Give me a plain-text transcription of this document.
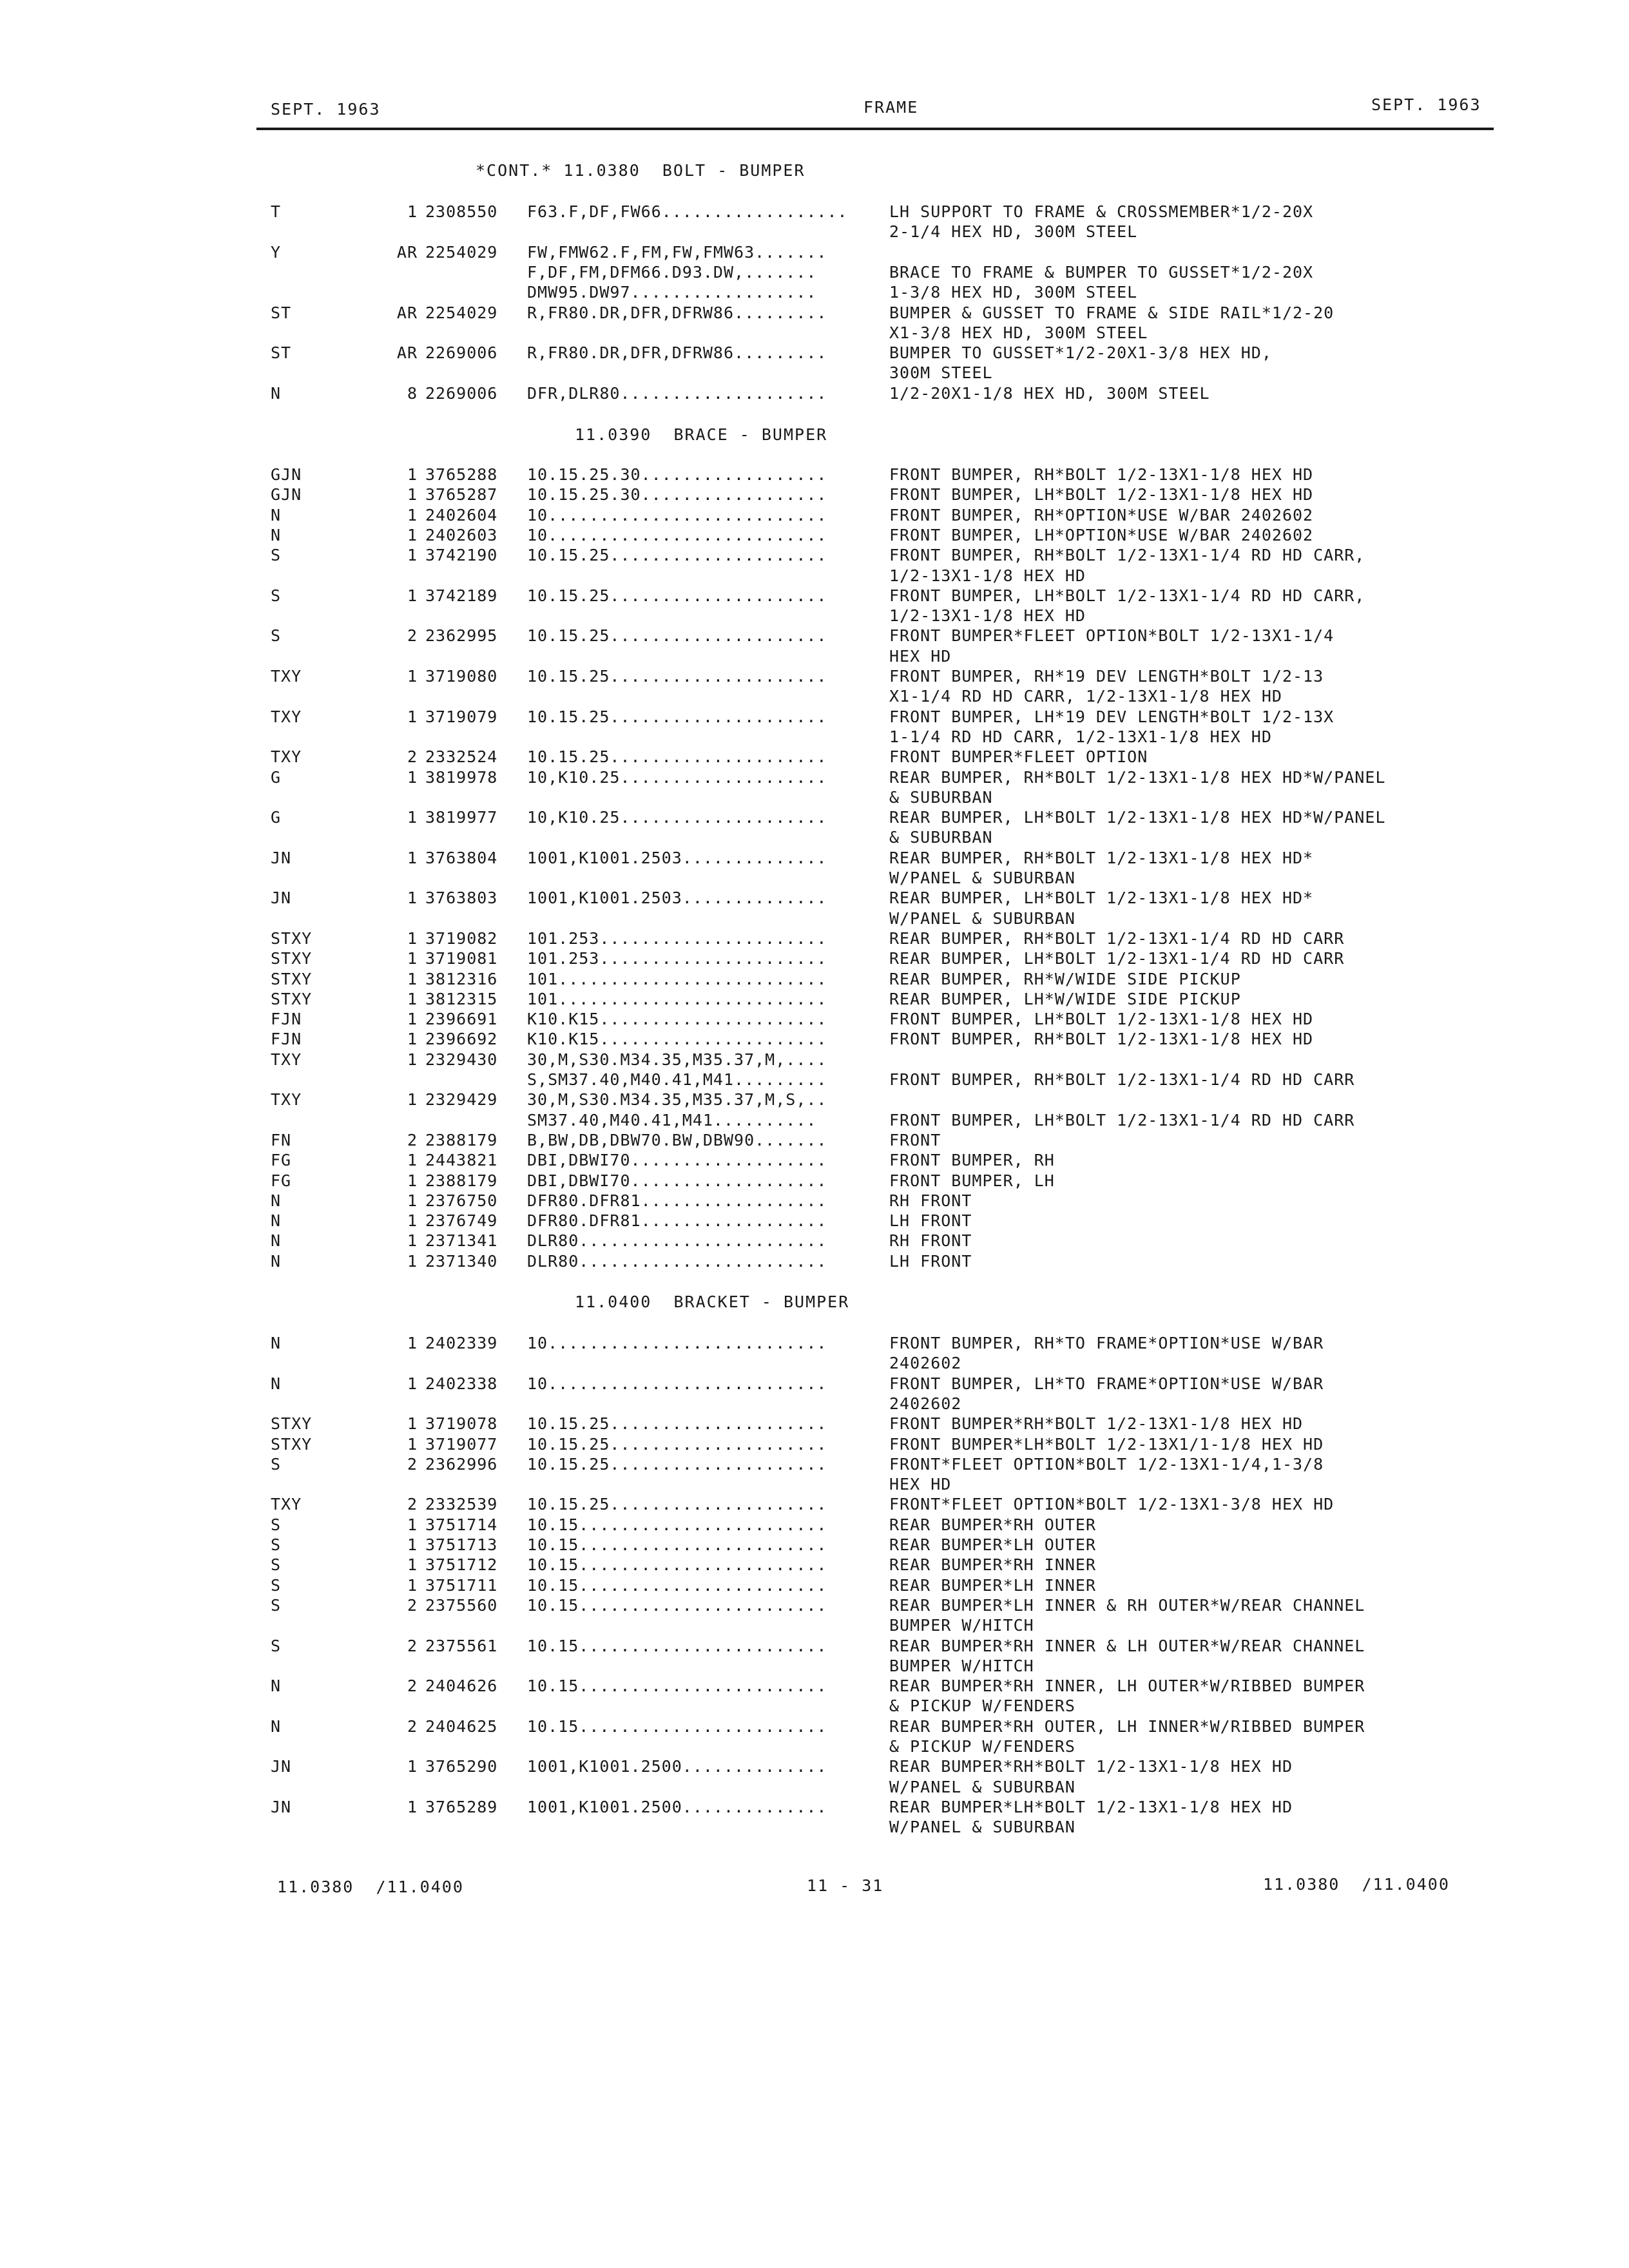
SEPT. 1963	FRAME	SEPT. 1963
*CONT.* 11.0380  BOLT - BUMPER
T	1 2308550 F63.F,DF,FW66..................	LH SUPPORT TO FRAME & CROSSMEMBER*1/2-20X
2-1/4 HEX HD, 300M STEEL
Y	AR 2254029 FW,FMW62.F,FM,FW,FMW63.......
F,DF,FM,DFM66.D93.DW,.......	BRACE TO FRAME & BUMPER TO GUSSET*1/2-20X
DMW95.DW97..................	1-3/8 HEX HD, 300M STEEL
ST	AR 2254029 R,FR80.DR,DFR,DFRW86.........	BUMPER & GUSSET TO FRAME & SIDE RAIL*1/2-20
X1-3/8 HEX HD, 300M STEEL
ST	AR 2269006 R,FR80.DR,DFR,DFRW86.........	BUMPER TO GUSSET*1/2-20X1-3/8 HEX HD,
300M STEEL
N	8 2269006 DFR,DLR80....................	1/2-20X1-1/8 HEX HD, 300M STEEL
11.0390  BRACE - BUMPER
GJN	1 3765288 10.15.25.30..................	FRONT BUMPER, RH*BOLT 1/2-13X1-1/8 HEX HD
GJN	1 3765287 10.15.25.30..................	FRONT BUMPER, LH*BOLT 1/2-13X1-1/8 HEX HD
N	1 2402604 10...........................	FRONT BUMPER, RH*OPTION*USE W/BAR 2402602
N	1 2402603 10...........................	FRONT BUMPER, LH*OPTION*USE W/BAR 2402602
S	1 3742190 10.15.25.....................	FRONT BUMPER, RH*BOLT 1/2-13X1-1/4 RD HD CARR,
1/2-13X1-1/8 HEX HD
S	1 3742189 10.15.25.....................	FRONT BUMPER, LH*BOLT 1/2-13X1-1/4 RD HD CARR,
1/2-13X1-1/8 HEX HD
S	2 2362995 10.15.25.....................	FRONT BUMPER*FLEET OPTION*BOLT 1/2-13X1-1/4
HEX HD
TXY	1 3719080 10.15.25.....................	FRONT BUMPER, RH*19 DEV LENGTH*BOLT 1/2-13
X1-1/4 RD HD CARR, 1/2-13X1-1/8 HEX HD
TXY	1 3719079 10.15.25.....................	FRONT BUMPER, LH*19 DEV LENGTH*BOLT 1/2-13X
1-1/4 RD HD CARR, 1/2-13X1-1/8 HEX HD
TXY	2 2332524 10.15.25.....................	FRONT BUMPER*FLEET OPTION
G	1 3819978 10,K10.25....................	REAR BUMPER, RH*BOLT 1/2-13X1-1/8 HEX HD*W/PANEL
& SUBURBAN
G	1 3819977 10,K10.25....................	REAR BUMPER, LH*BOLT 1/2-13X1-1/8 HEX HD*W/PANEL
& SUBURBAN
JN	1 3763804 1001,K1001.2503..............	REAR BUMPER, RH*BOLT 1/2-13X1-1/8 HEX HD*
W/PANEL & SUBURBAN
JN	1 3763803 1001,K1001.2503..............	REAR BUMPER, LH*BOLT 1/2-13X1-1/8 HEX HD*
W/PANEL & SUBURBAN
STXY	1 3719082 101.253......................	REAR BUMPER, RH*BOLT 1/2-13X1-1/4 RD HD CARR
STXY	1 3719081 101.253......................	REAR BUMPER, LH*BOLT 1/2-13X1-1/4 RD HD CARR
STXY	1 3812316 101..........................	REAR BUMPER, RH*W/WIDE SIDE PICKUP
STXY	1 3812315 101..........................	REAR BUMPER, LH*W/WIDE SIDE PICKUP
FJN	1 2396691 K10.K15......................	FRONT BUMPER, LH*BOLT 1/2-13X1-1/8 HEX HD
FJN	1 2396692 K10.K15......................	FRONT BUMPER, RH*BOLT 1/2-13X1-1/8 HEX HD
TXY	1 2329430 30,M,S30.M34.35,M35.37,M,....
S,SM37.40,M40.41,M41.........	FRONT BUMPER, RH*BOLT 1/2-13X1-1/4 RD HD CARR
TXY	1 2329429 30,M,S30.M34.35,M35.37,M,S,..
SM37.40,M40.41,M41..........	FRONT BUMPER, LH*BOLT 1/2-13X1-1/4 RD HD CARR
FN	2 2388179 B,BW,DB,DBW70.BW,DBW90.......	FRONT
FG	1 2443821 DBI,DBWI70...................	FRONT BUMPER, RH
FG	1 2388179 DBI,DBWI70...................	FRONT BUMPER, LH
N	1 2376750 DFR80.DFR81..................	RH FRONT
N	1 2376749 DFR80.DFR81..................	LH FRONT
N	1 2371341 DLR80........................	RH FRONT
N	1 2371340 DLR80........................	LH FRONT
11.0400  BRACKET - BUMPER
N	1 2402339 10...........................	FRONT BUMPER, RH*TO FRAME*OPTION*USE W/BAR
2402602
N	1 2402338 10...........................	FRONT BUMPER, LH*TO FRAME*OPTION*USE W/BAR
2402602
STXY	1 3719078 10.15.25.....................	FRONT BUMPER*RH*BOLT 1/2-13X1-1/8 HEX HD
STXY	1 3719077 10.15.25.....................	FRONT BUMPER*LH*BOLT 1/2-13X1/1-1/8 HEX HD
S	2 2362996 10.15.25.....................	FRONT*FLEET OPTION*BOLT 1/2-13X1-1/4,1-3/8
HEX HD
TXY	2 2332539 10.15.25.....................	FRONT*FLEET OPTION*BOLT 1/2-13X1-3/8 HEX HD
S	1 3751714 10.15........................	REAR BUMPER*RH OUTER
S	1 3751713 10.15........................	REAR BUMPER*LH OUTER
S	1 3751712 10.15........................	REAR BUMPER*RH INNER
S	1 3751711 10.15........................	REAR BUMPER*LH INNER
S	2 2375560 10.15........................	REAR BUMPER*LH INNER & RH OUTER*W/REAR CHANNEL
BUMPER W/HITCH
S	2 2375561 10.15........................	REAR BUMPER*RH INNER & LH OUTER*W/REAR CHANNEL
BUMPER W/HITCH
N	2 2404626 10.15........................	REAR BUMPER*RH INNER, LH OUTER*W/RIBBED BUMPER
& PICKUP W/FENDERS
N	2 2404625 10.15........................	REAR BUMPER*RH OUTER, LH INNER*W/RIBBED BUMPER
& PICKUP W/FENDERS
JN	1 3765290 1001,K1001.2500..............	REAR BUMPER*RH*BOLT 1/2-13X1-1/8 HEX HD
W/PANEL & SUBURBAN
JN	1 3765289 1001,K1001.2500..............	REAR BUMPER*LH*BOLT 1/2-13X1-1/8 HEX HD
W/PANEL & SUBURBAN
11.0380  /11.0400	11 - 31	11.0380  /11.0400
